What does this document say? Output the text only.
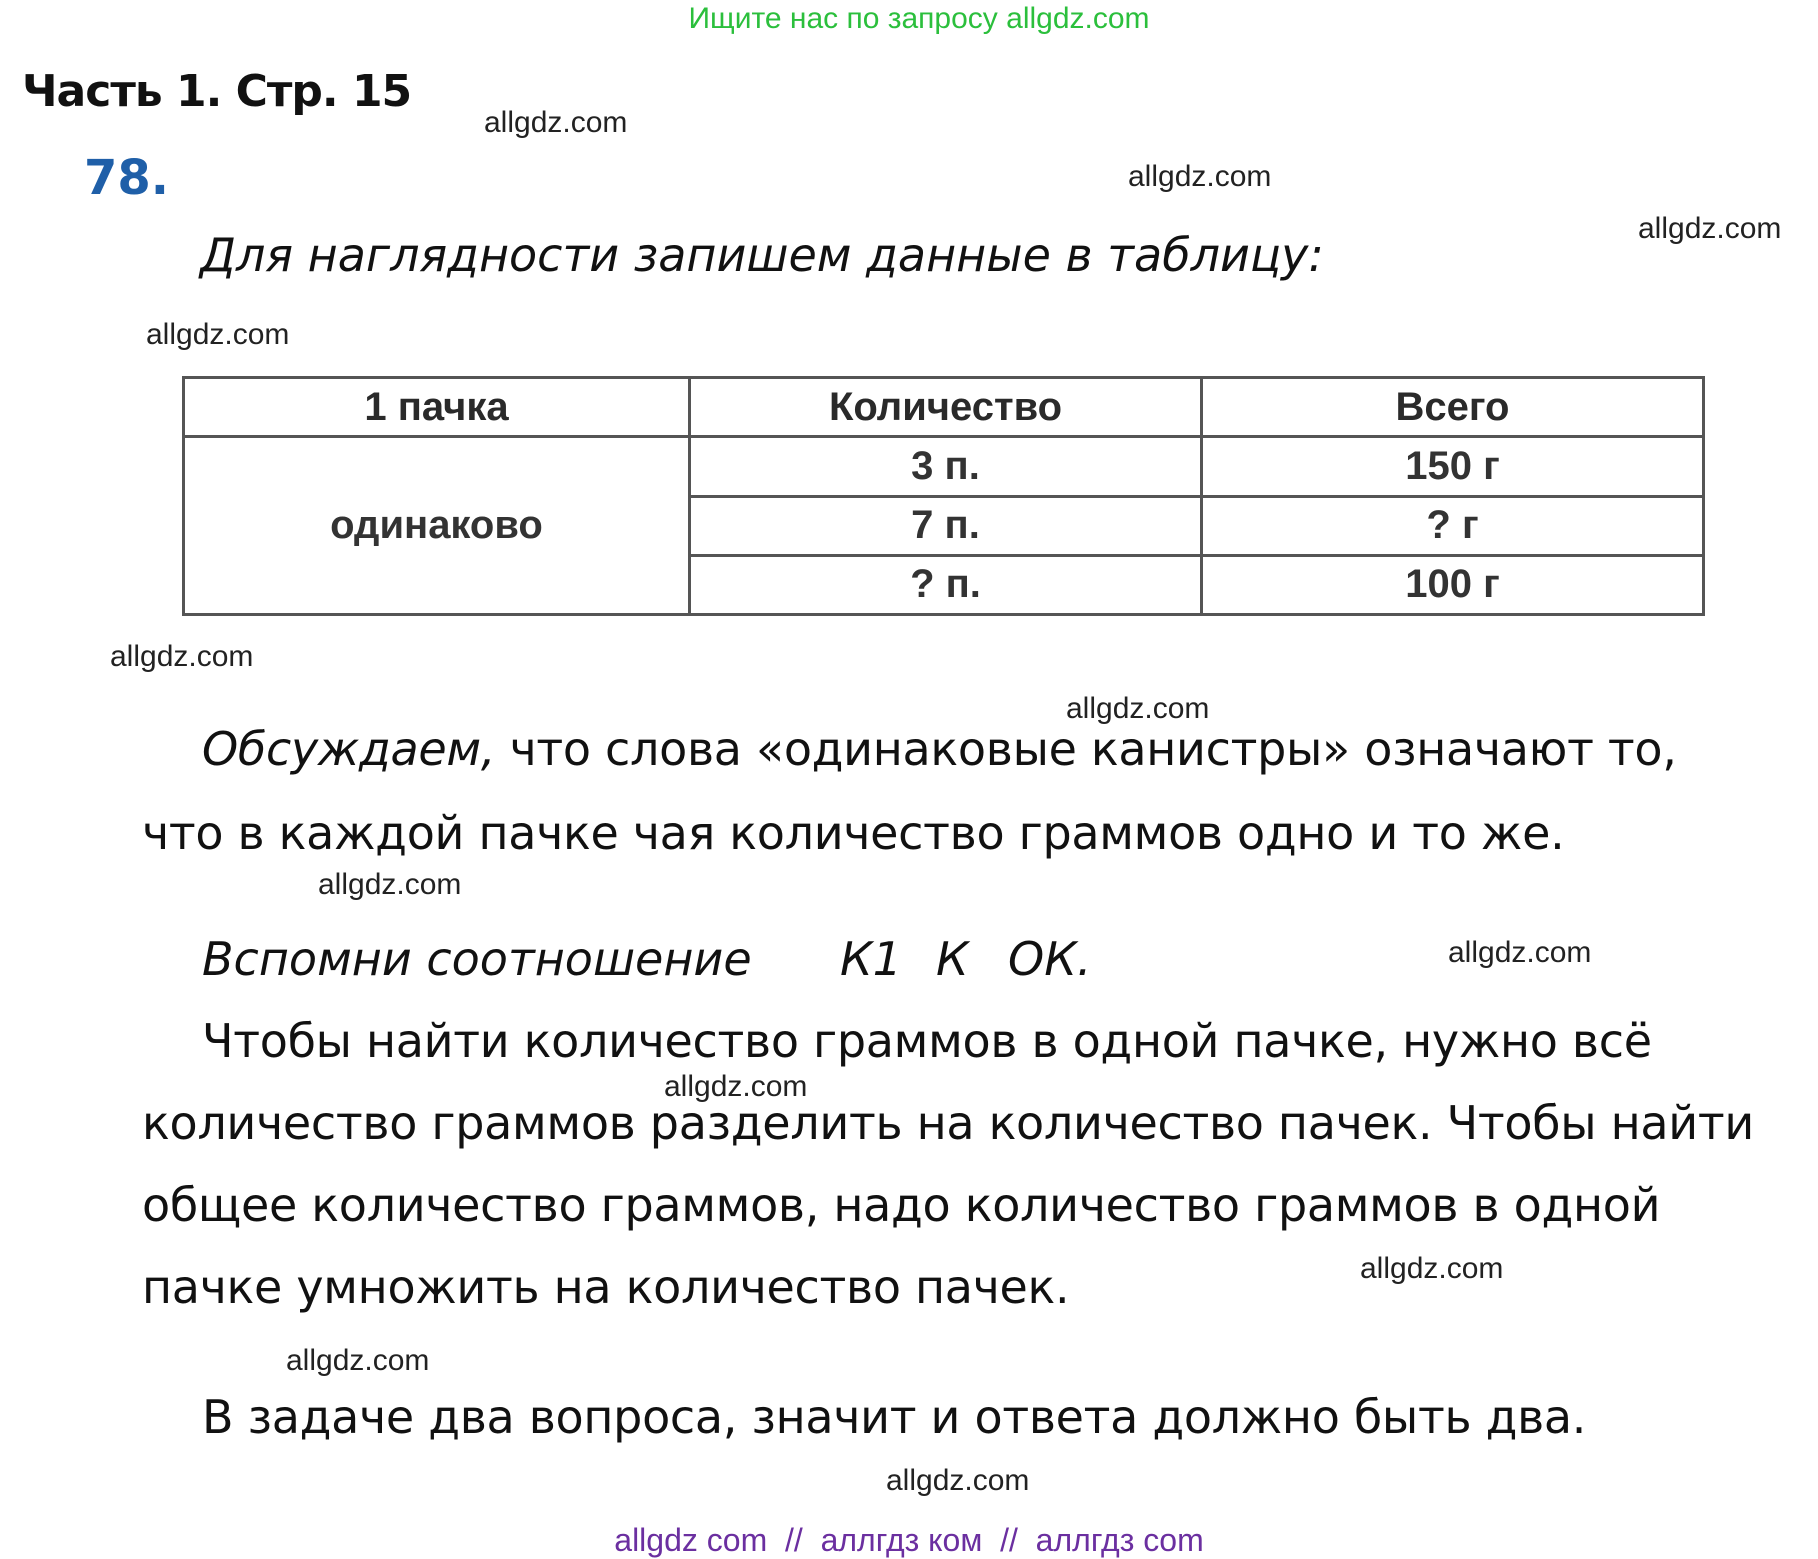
Ищите нас по запросу allgdz.com
Часть 1. Стр. 15
78.
allgdz.com
allgdz.com
allgdz.com
allgdz.com
allgdz.com
allgdz.com
allgdz.com
allgdz.com
allgdz.com
allgdz.com
allgdz.com
allgdz.com
Для наглядности запишем данные в таблицу:
1 пачка	Количество	Всего
одинаково	3 п.	150 г
	7 п.	? г
	? п.	100 г
Обсуждаем, что слова «одинаковые канистры» означают то,
что в каждой пачке чая количество граммов одно и то же.
Вспомни соотношение К1 К ОК.
Чтобы найти количество граммов в одной пачке, нужно всё
количество граммов разделить на количество пачек. Чтобы найти
общее количество граммов, надо количество граммов в одной
пачке умножить на количество пачек.
В задаче два вопроса, значит и ответа должно быть два.
allgdz com  //  аллгдз ком  //  аллгдз com
